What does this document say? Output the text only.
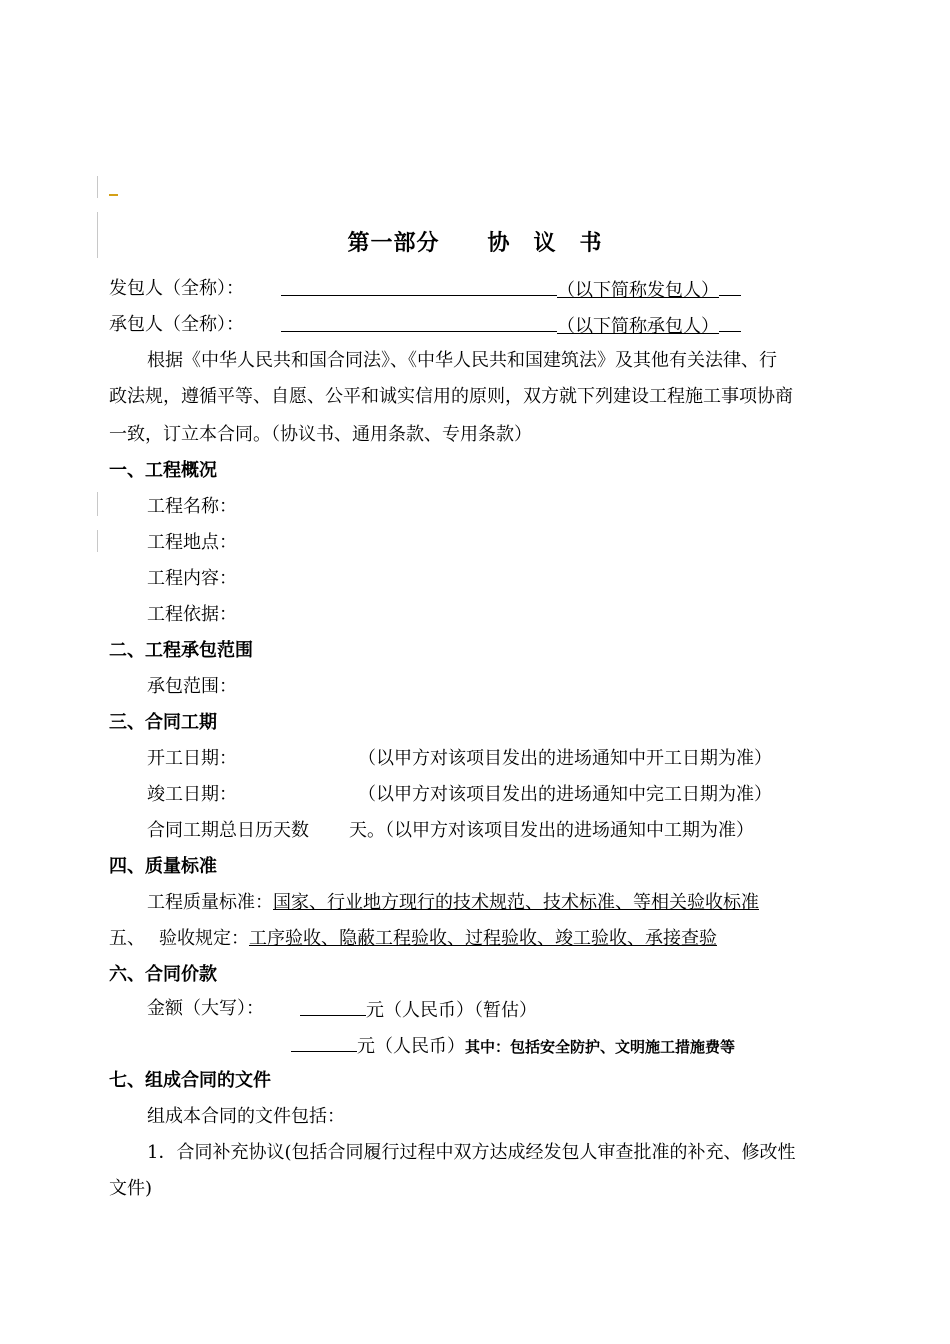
第一部分 协　议　书
发包人（全称）：	（以下简称发包人）
承包人（全称）：	（以下简称承包人）
根据《中华人民共和国合同法》、《中华人民共和国建筑法》及其他有关法律、行
政法规，遵循平等、自愿、公平和诚实信用的原则，双方就下列建设工程施工事项协商
一致，订立本合同。（协议书、通用条款、专用条款）
一、工程概况
工程名称：
工程地点：
工程内容：
工程依据：
二、工程承包范围
承包范围：
三、合同工期
开工日期：	（以甲方对该项目发出的进场通知中开工日期为准）
竣工日期：	（以甲方对该项目发出的进场通知中完工日期为准）
合同工期总日历天数 天。（以甲方对该项目发出的进场通知中工期为准）
四、质量标准
工程质量标准：国家、行业地方现行的技术规范、技术标准、等相关验收标准
五、 验收规定：工序验收、隐蔽工程验收、过程验收、竣工验收、承接查验
六、合同价款
金额（大写）：	元（人民币）（暂估）
元（人民币）其中：包括安全防护、文明施工措施费等
七、组成合同的文件
组成本合同的文件包括：
1．合同补充协议(包括合同履行过程中双方达成经发包人审查批准的补充、修改性
文件)
